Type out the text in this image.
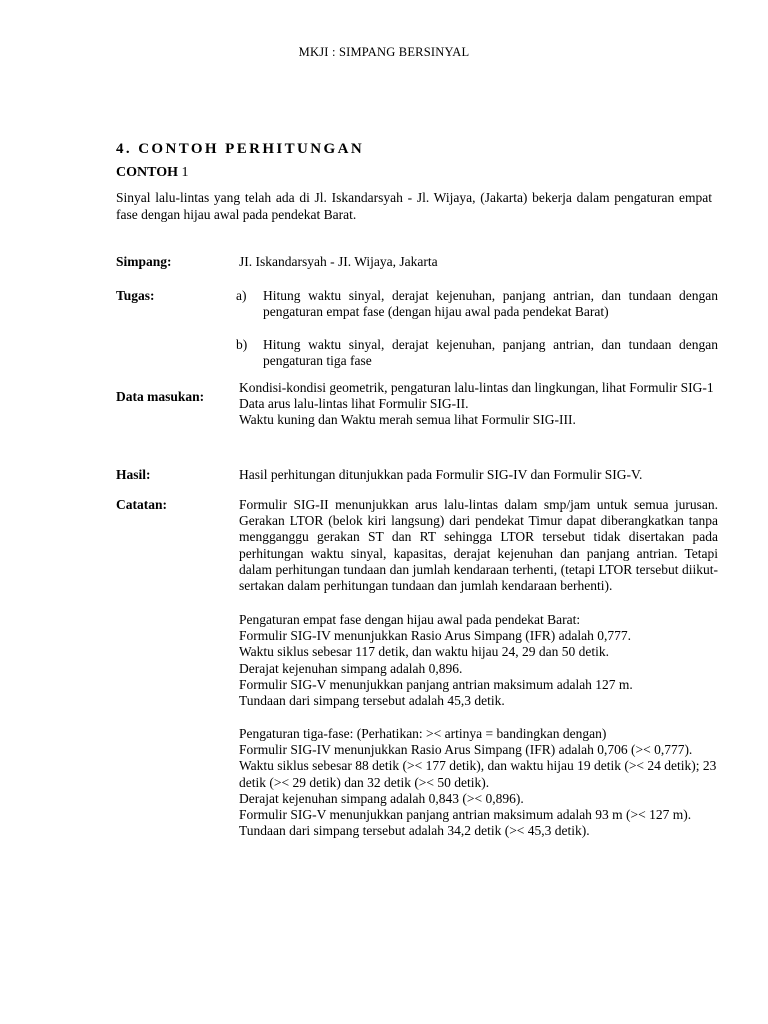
MKJI : SIMPANG BERSINYAL
4. CONTOH PERHITUNGAN
CONTOH 1
Sinyal lalu-lintas yang telah ada di Jl. Iskandarsyah - Jl. Wijaya, (Jakarta) bekerja dalam pengaturan empat fase dengan hijau awal pada pendekat Barat.
Simpang:	JI. Iskandarsyah - JI. Wijaya, Jakarta
Tugas:	a) Hitung waktu sinyal, derajat kejenuhan, panjang antrian, dan tundaan dengan pengaturan empat fase (dengan hijau awal pada pendekat Barat)
b) Hitung waktu sinyal, derajat kejenuhan, panjang antrian, dan tundaan dengan pengaturan tiga fase
Data masukan:
Kondisi-kondisi geometrik, pengaturan lalu-lintas dan lingkungan, lihat Formulir SIG-1
Data arus lalu-lintas lihat Formulir SIG-II.
Waktu kuning dan Waktu merah semua lihat Formulir SIG-III.
Hasil:	Hasil perhitungan ditunjukkan pada Formulir SIG-IV dan Formulir SIG-V.
Catatan:	Formulir SIG-II menunjukkan arus lalu-lintas dalam smp/jam untuk semua jurusan. Gerakan LTOR (belok kiri langsung) dari pendekat Timur dapat diberangkatkan tanpa mengganggu gerakan ST dan RT sehingga LTOR tersebut tidak disertakan pada perhitungan waktu sinyal, kapasitas, derajat kejenuhan dan panjang antrian. Tetapi dalam perhitungan tundaan dan jumlah kendaraan terhenti, (tetapi LTOR tersebut diikut-sertakan dalam perhitungan tundaan dan jumlah kendaraan berhenti).
Pengaturan empat fase dengan hijau awal pada pendekat Barat:
Formulir SIG-IV menunjukkan Rasio Arus Simpang (IFR) adalah 0,777.
Waktu siklus sebesar 117 detik, dan waktu hijau 24, 29 dan 50 detik.
Derajat kejenuhan simpang adalah 0,896.
Formulir SIG-V menunjukkan panjang antrian maksimum adalah 127 m.
Tundaan dari simpang tersebut adalah 45,3 detik.
Pengaturan tiga-fase: (Perhatikan: >< artinya = bandingkan dengan)
Formulir SIG-IV menunjukkan Rasio Arus Simpang (IFR) adalah 0,706 (>< 0,777).
Waktu siklus sebesar 88 detik (>< 177 detik), dan waktu hijau 19 detik (>< 24 detik); 23 detik (>< 29 detik) dan 32 detik (>< 50 detik).
Derajat kejenuhan simpang adalah 0,843 (>< 0,896).
Formulir SIG-V menunjukkan panjang antrian maksimum adalah 93 m (>< 127 m).
Tundaan dari simpang tersebut adalah 34,2 detik (>< 45,3 detik).
